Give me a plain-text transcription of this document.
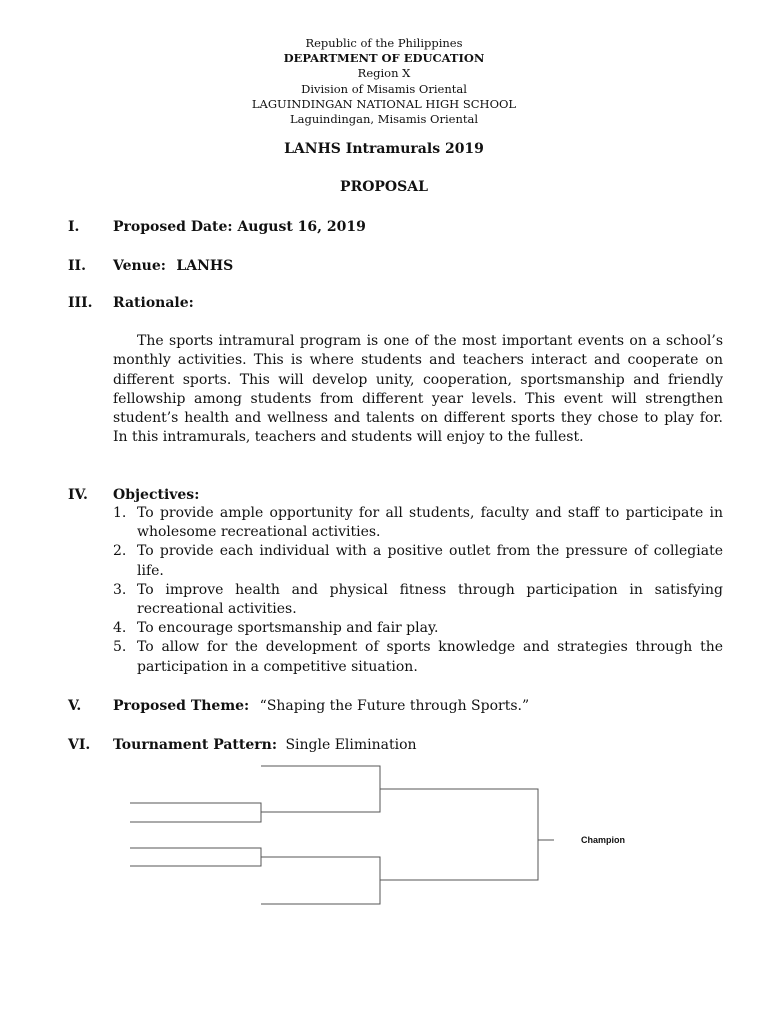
Republic of the Philippines
DEPARTMENT OF EDUCATION
Region X
Division of Misamis Oriental
LAGUINDINGAN NATIONAL HIGH SCHOOL
Laguindingan, Misamis Oriental
LANHS Intramurals 2019
PROPOSAL
I. Proposed Date: August 16, 2019
II. Venue: LANHS
III. Rationale:

The sports intramural program is one of the most important events on a school’s monthly activities. This is where students and teachers interact and cooperate on different sports. This will develop unity, cooperation, sportsmanship and friendly fellowship among students from different year levels. This event will strengthen student’s health and wellness and talents on different sports they chose to play for. In this intramurals, teachers and students will enjoy to the fullest.

IV. Objectives:
1. To provide ample opportunity for all students, faculty and staff to participate in wholesome recreational activities.
2. To provide each individual with a positive outlet from the pressure of collegiate life.
3. To improve health and physical fitness through participation in satisfying recreational activities.
4. To encourage sportsmanship and fair play.
5. To allow for the development of sports knowledge and strategies through the participation in a competitive situation.
V. Proposed Theme: “Shaping the Future through Sports.”
VI. Tournament Pattern: Single Elimination
Champion
